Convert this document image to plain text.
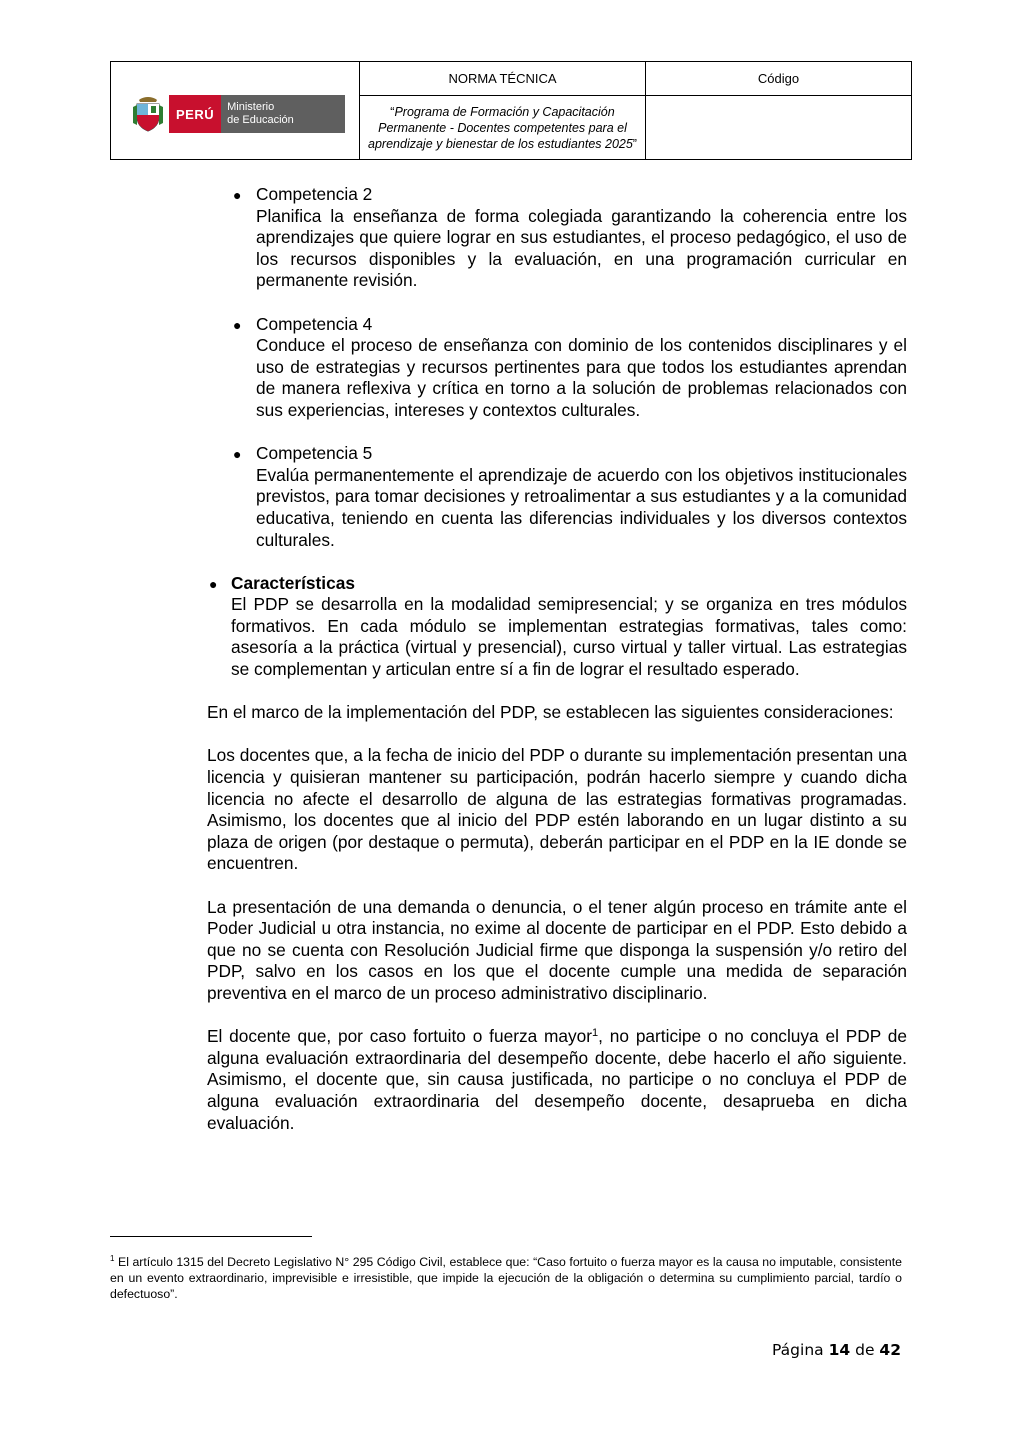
PERÚ	Ministerio
de Educación
NORMA TÉCNICA	Código
“Programa de Formación y Capacitación Permanente - Docentes competentes para el aprendizaje y bienestar de los estudiantes 2025”
● Competencia 2

Planifica la enseñanza de forma colegiada garantizando la coherencia entre los aprendizajes que quiere lograr en sus estudiantes, el proceso pedagógico, el uso de los recursos disponibles y la evaluación, en una programación curricular en permanente revisión.

● Competencia 4

Conduce el proceso de enseñanza con dominio de los contenidos disciplinares y el uso de estrategias y recursos pertinentes para que todos los estudiantes aprendan de manera reflexiva y crítica en torno a la solución de problemas relacionados con sus experiencias, intereses y contextos culturales.

● Competencia 5

Evalúa permanentemente el aprendizaje de acuerdo con los objetivos institucionales previstos, para tomar decisiones y retroalimentar a sus estudiantes y a la comunidad educativa, teniendo en cuenta las diferencias individuales y los diversos contextos culturales.

● Características

El PDP se desarrolla en la modalidad semipresencial; y se organiza en tres módulos formativos. En cada módulo se implementan estrategias formativas, tales como: asesoría a la práctica (virtual y presencial), curso virtual y taller virtual. Las estrategias se complementan y articulan entre sí a fin de lograr el resultado esperado.

En el marco de la implementación del PDP, se establecen las siguientes consideraciones:

Los docentes que, a la fecha de inicio del PDP o durante su implementación presentan una licencia y quisieran mantener su participación, podrán hacerlo siempre y cuando dicha licencia no afecte el desarrollo de alguna de las estrategias formativas programadas. Asimismo, los docentes que al inicio del PDP estén laborando en un lugar distinto a su plaza de origen (por destaque o permuta), deberán participar en el PDP en la IE donde se encuentren.

La presentación de una demanda o denuncia, o el tener algún proceso en trámite ante el Poder Judicial u otra instancia, no exime al docente de participar en el PDP. Esto debido a que no se cuenta con Resolución Judicial firme que disponga la suspensión y/o retiro del PDP, salvo en los casos en los que el docente cumple una medida de separación preventiva en el marco de un proceso administrativo disciplinario.

El docente que, por caso fortuito o fuerza mayor$^1$, no participe o no concluya el PDP de alguna evaluación extraordinaria del desempeño docente, debe hacerlo el año siguiente. Asimismo, el docente que, sin causa justificada, no participe o no concluya el PDP de alguna evaluación extraordinaria del desempeño docente, desaprueba en dicha evaluación.

$^1$ El artículo 1315 del Decreto Legislativo N° 295 Código Civil, establece que: “Caso fortuito o fuerza mayor es la causa no imputable, consistente en un evento extraordinario, imprevisible e irresistible, que impide la ejecución de la obligación o determina su cumplimiento parcial, tardío o defectuoso”.
Página 14 de 42
